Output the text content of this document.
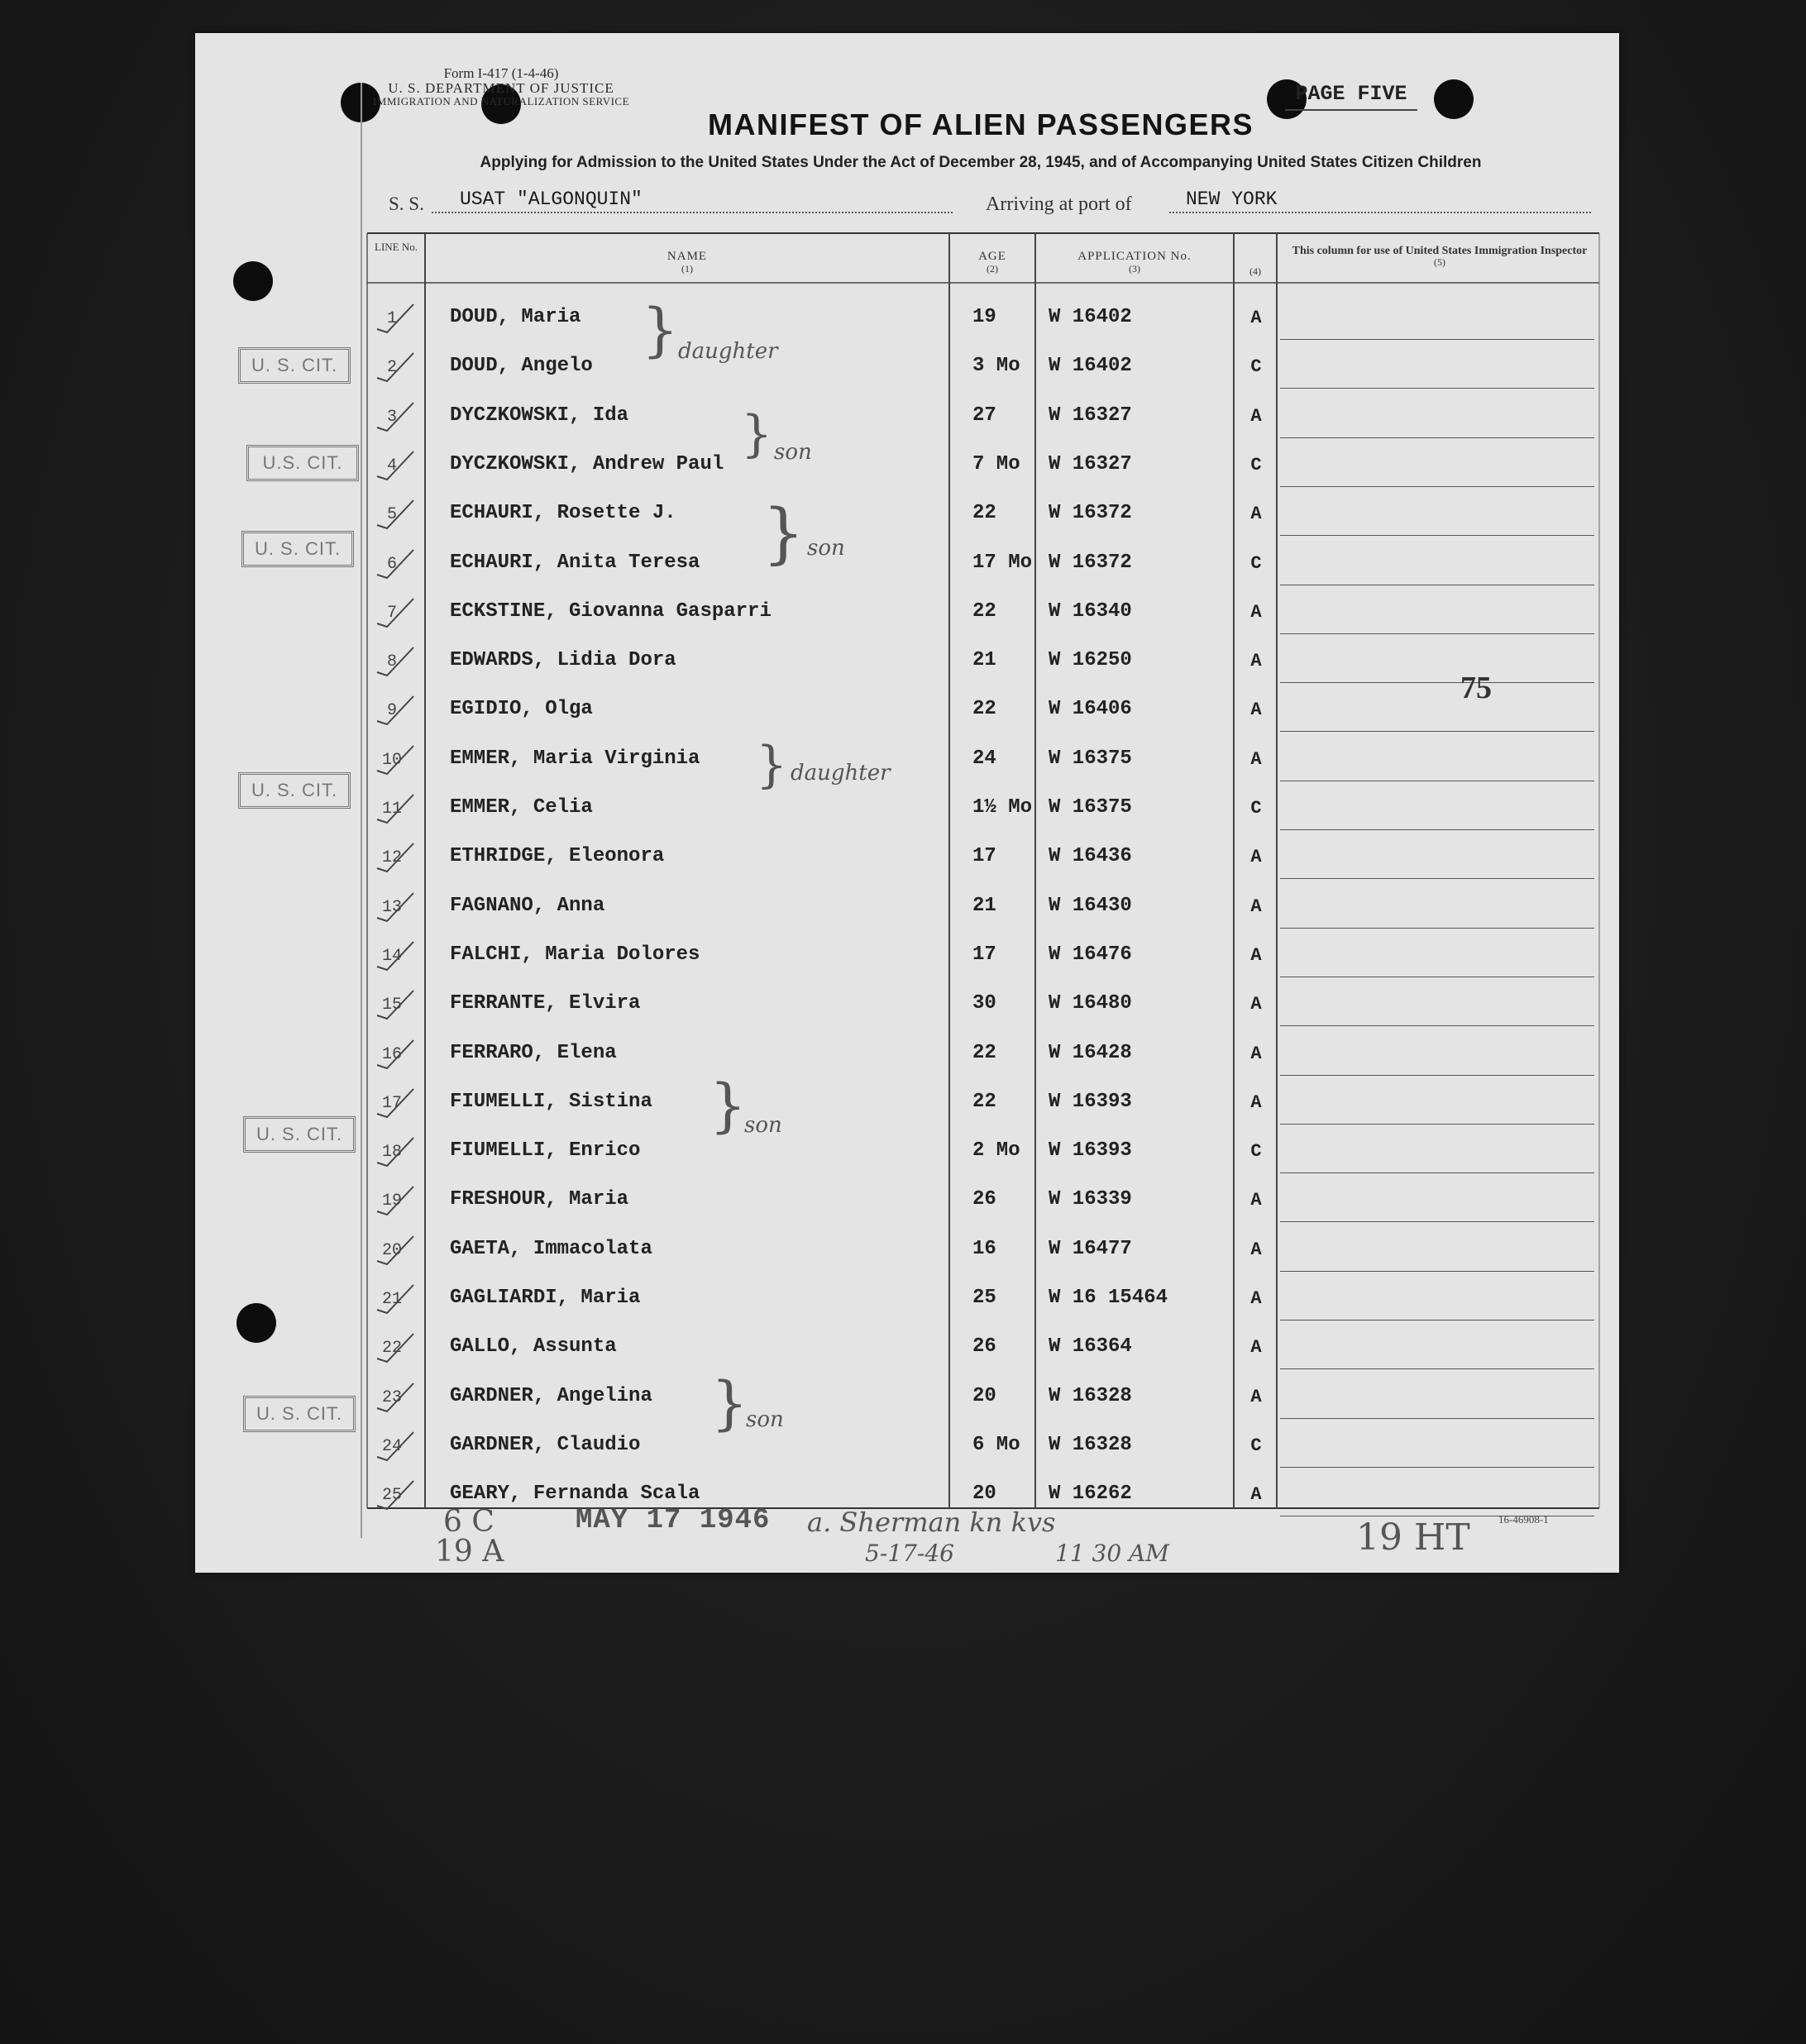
Form I-417 (1-4-46)
U. S. DEPARTMENT OF JUSTICE
IMMIGRATION AND NATURALIZATION SERVICE	PAGE FIVE
MANIFEST OF ALIEN PASSENGERS
Applying for Admission to the United States Under the Act of December 28, 1945, and of Accompanying United States Citizen Children
S. S.	USAT "ALGONQUIN"	Arriving at port of	NEW YORK
LINE No.
NAME
(1)
AGE
(2)
APPLICATION No.
(3)	(4)
This column for use of United States Immigration Inspector
(5)
1	DOUD, Maria	19	W 16402	A
2	DOUD, Angelo	3 Mo W 16402	C
3	DYCZKOWSKI, Ida	27	W 16327	A
4	DYCZKOWSKI, Andrew Paul	7 Mo W 16327	C
5	ECHAURI, Rosette J.	22	W 16372	A
6	ECHAURI, Anita Teresa	17 Mo W 16372	C
7	ECKSTINE, Giovanna Gasparri	22	W 16340	A
8	EDWARDS, Lidia Dora	21	W 16250	A
9	EGIDIO, Olga	22	W 16406	A
10	EMMER, Maria Virginia	24	W 16375	A
11	EMMER, Celia	1½ Mo W 16375	C
12	ETHRIDGE, Eleonora	17	W 16436	A
13	FAGNANO, Anna	21	W 16430	A
14	FALCHI, Maria Dolores	17	W 16476	A
15	FERRANTE, Elvira	30	W 16480	A
16	FERRARO, Elena	22	W 16428	A
17	FIUMELLI, Sistina	22	W 16393	A
18	FIUMELLI, Enrico	2 Mo W 16393	C
19	FRESHOUR, Maria	26	W 16339	A
20	GAETA, Immacolata	16	W 16477	A
21	GAGLIARDI, Maria	25	W 16 15464	A
22	GALLO, Assunta	26	W 16364	A
23	GARDNER, Angelina	20	W 16328	A
24	GARDNER, Claudio	6 Mo W 16328	C
25	GEARY, Fernanda Scala	20	W 16262	A
U. S. CIT.
U.S. CIT.
U. S. CIT.
U. S. CIT.
U. S. CIT.
U. S. CIT.
} daughter
} son
} son
} daughter
}
son
}
son
75
16-46908-1
6 C
19 A
MAY 17 1946 a. Sherman kn kvs
5-17-46	11 30 AM	19 HT
